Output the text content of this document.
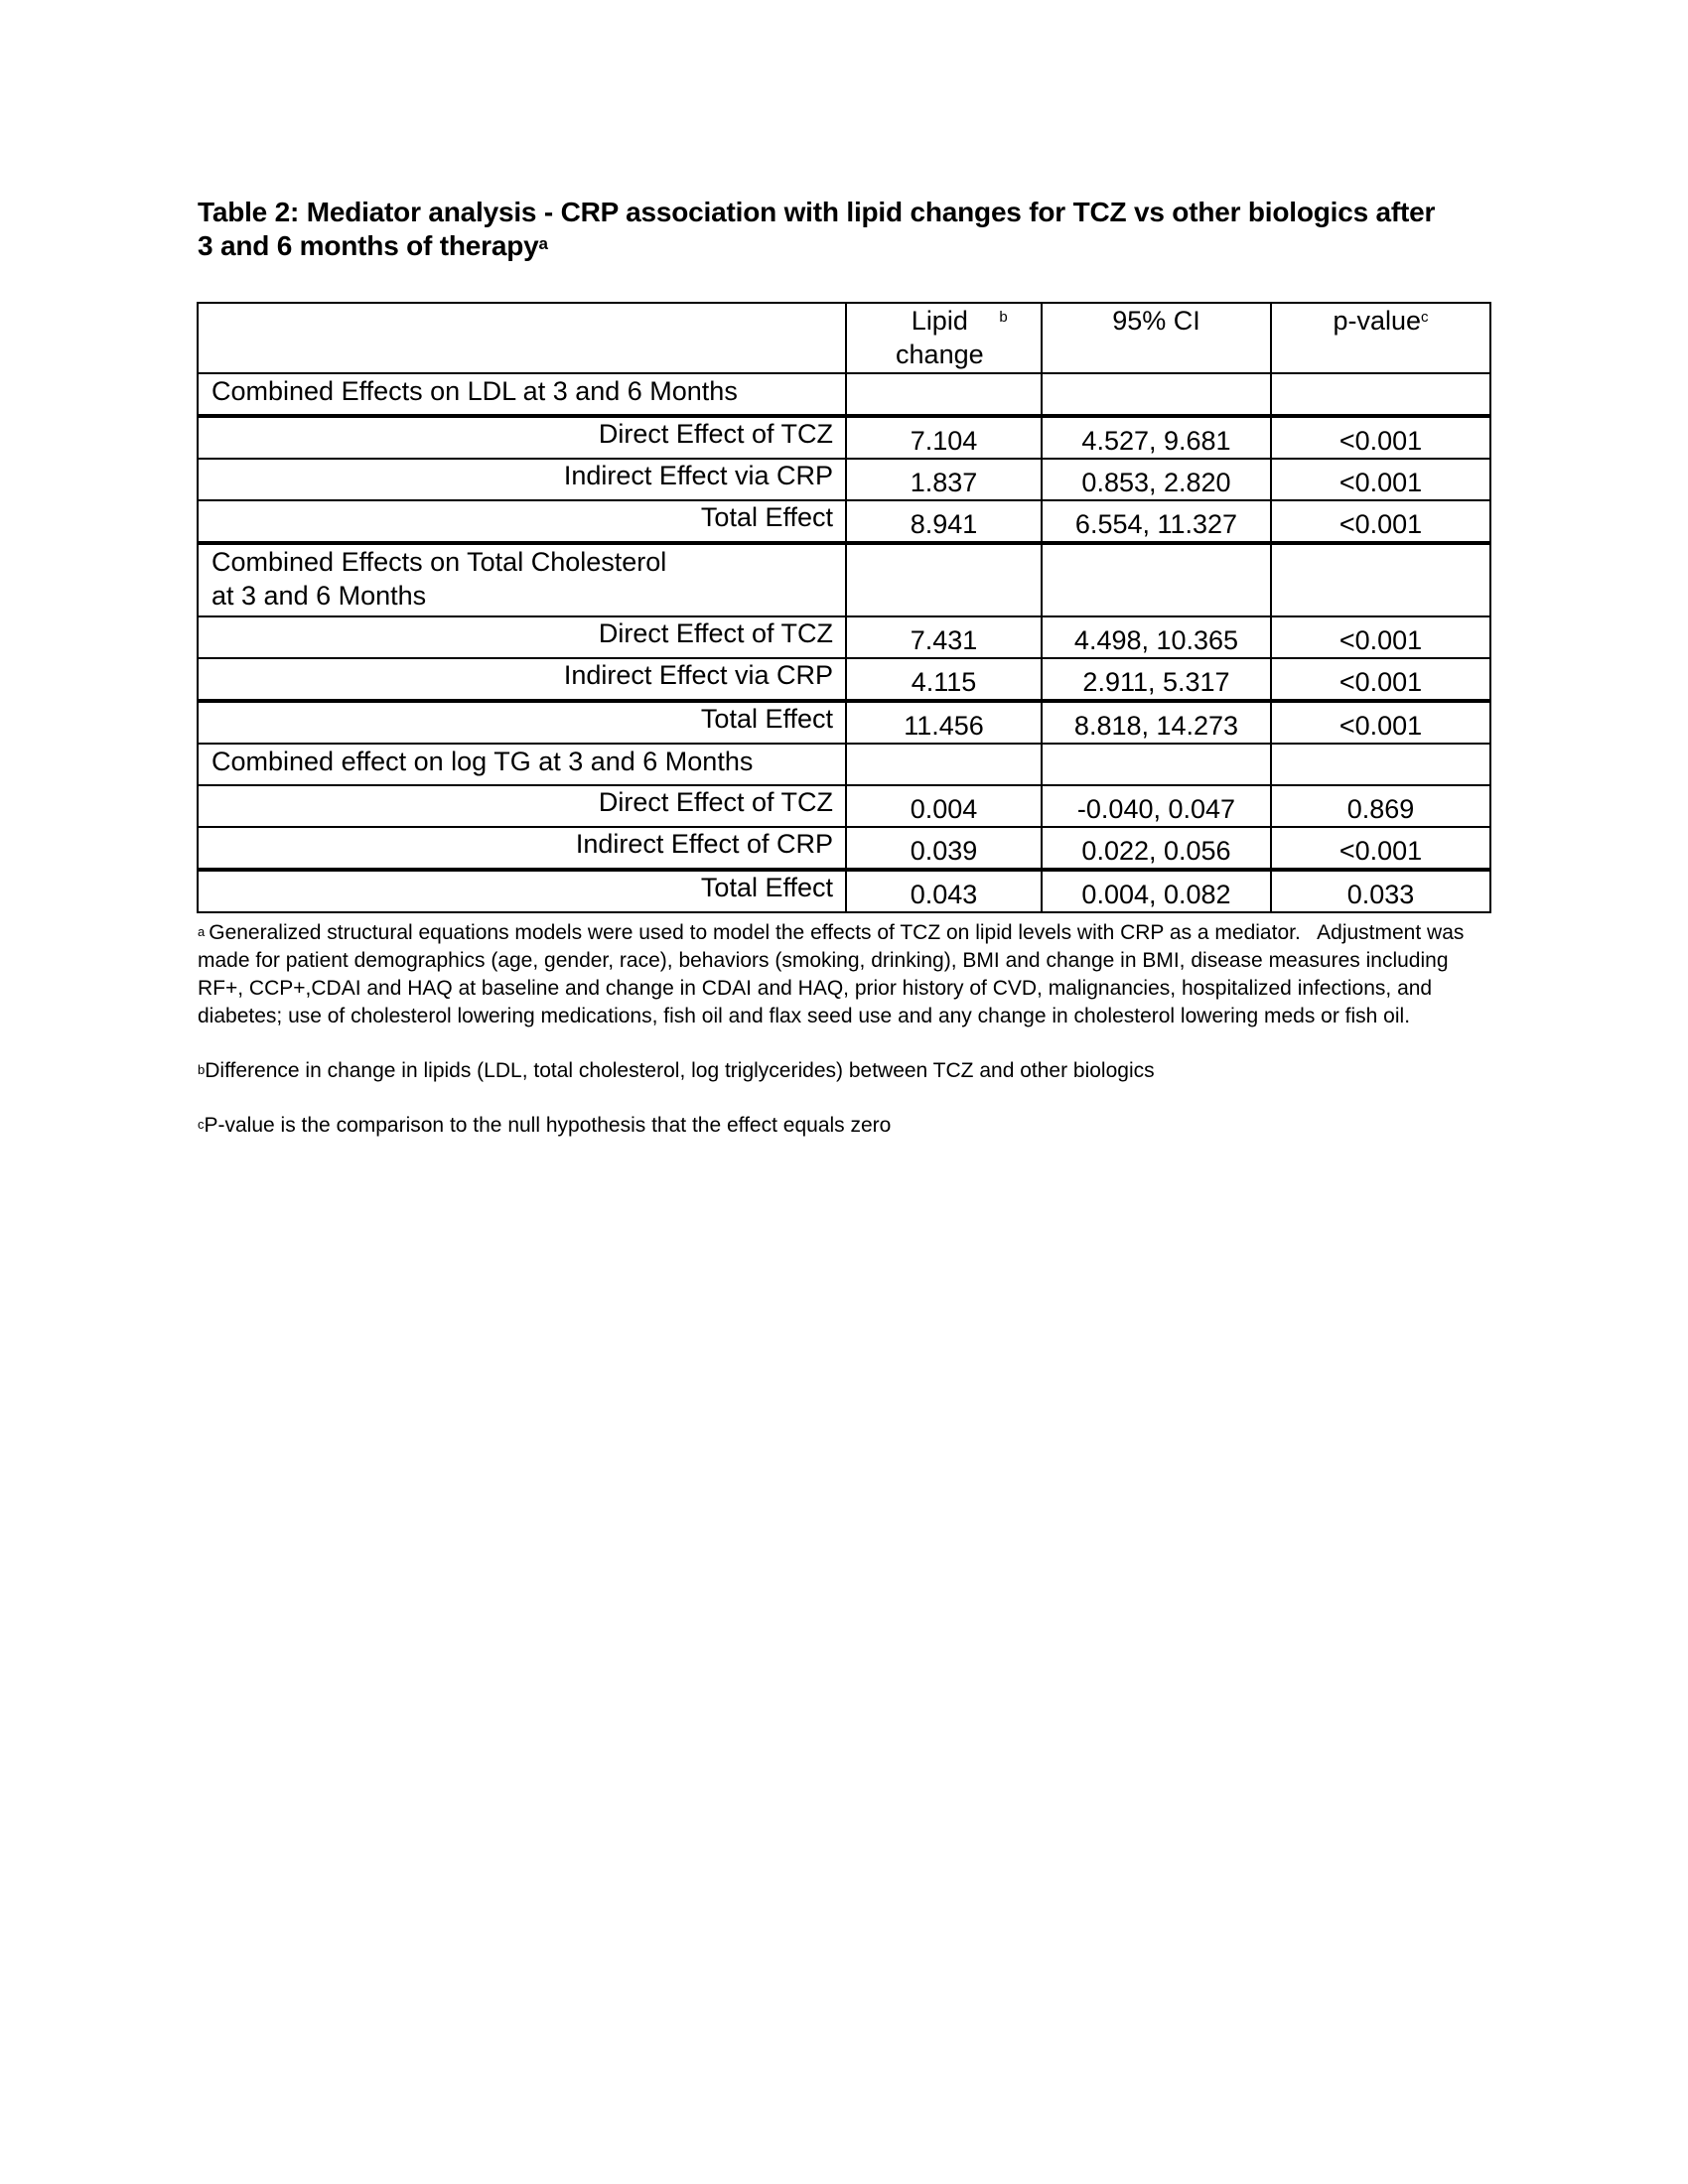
Table 2: Mediator analysis - CRP association with lipid changes for TCZ vs other biologics after 3 and 6 months of therapy$^a$
	Lipid change$^b$	95% CI	p-value$^c$
Combined Effects on LDL at 3 and 6 Months			
Direct Effect of TCZ	7.104	4.527, 9.681	<0.001
Indirect Effect via CRP	1.837	0.853, 2.820	<0.001
Total Effect	8.941	6.554, 11.327	<0.001
Combined Effects on Total Cholesterol at 3 and 6 Months			
Direct Effect of TCZ	7.431	4.498, 10.365	<0.001
Indirect Effect via CRP	4.115	2.911, 5.317	<0.001
Total Effect	11.456	8.818, 14.273	<0.001
Combined effect on log TG at 3 and 6 Months			
Direct Effect of TCZ	0.004	-0.040, 0.047	0.869
Indirect Effect of CRP	0.039	0.022, 0.056	<0.001
Total Effect	0.043	0.004, 0.082	0.033

$^a$ Generalized structural equations models were used to model the effects of TCZ on lipid levels with CRP as a mediator.   Adjustment was made for patient demographics (age, gender, race), behaviors (smoking, drinking), BMI and change in BMI, disease measures including RF+, CCP+,CDAI and HAQ at baseline and change in CDAI and HAQ, prior history of CVD, malignancies, hospitalized infections, and diabetes; use of cholesterol lowering medications, fish oil and flax seed use and any change in cholesterol lowering meds or fish oil.

$^b$Difference in change in lipids (LDL, total cholesterol, log triglycerides) between TCZ and other biologics

$^c$P-value is the comparison to the null hypothesis that the effect equals zero
